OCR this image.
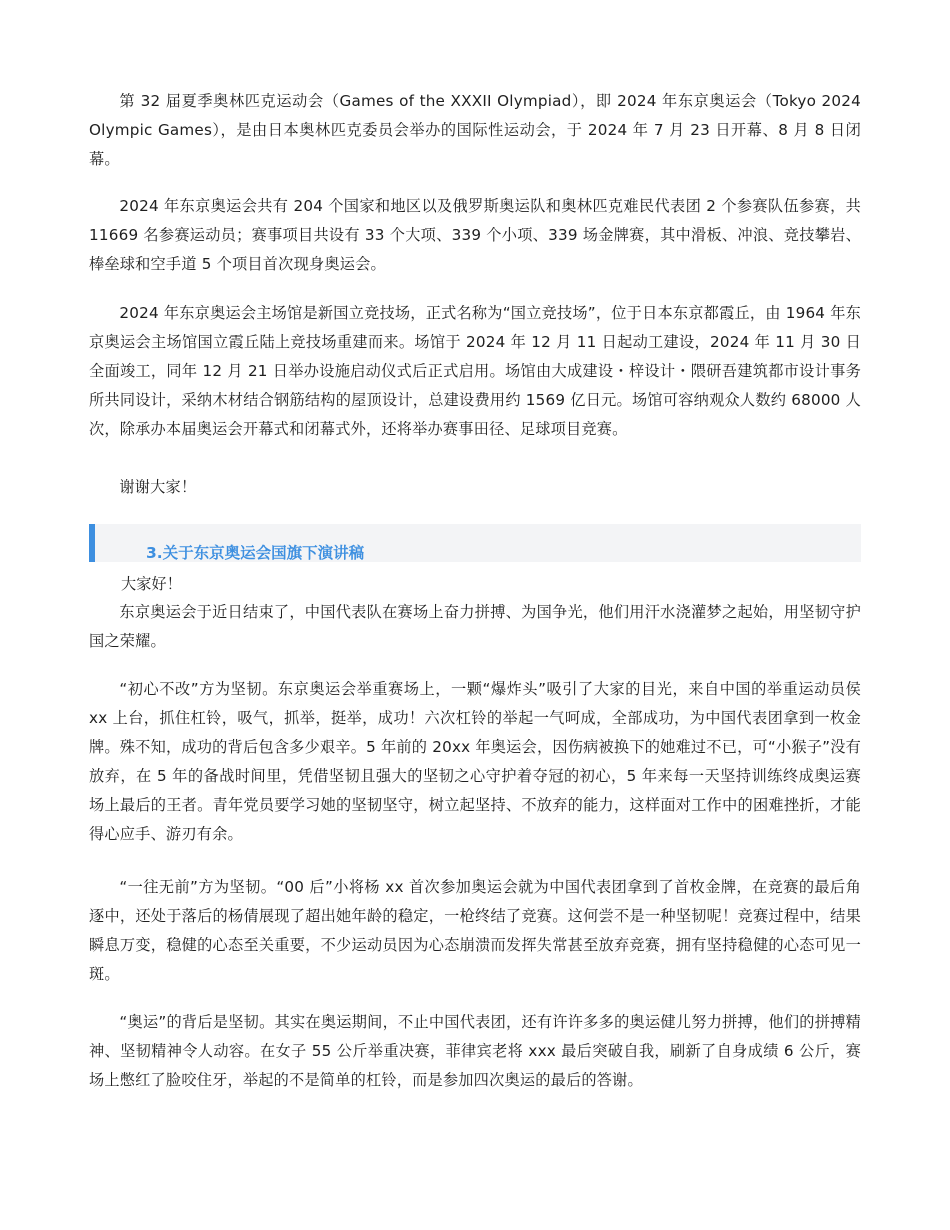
第 32 届夏季奥林匹克运动会（Games of the XXXII Olympiad），即 2024 年东京奥运会（Tokyo 2024 Olympic Games），是由日本奥林匹克委员会举办的国际性运动会，于 2024 年 7 月 23 日开幕、8 月 8 日闭幕。

2024 年东京奥运会共有 204 个国家和地区以及俄罗斯奥运队和奥林匹克难民代表团 2 个参赛队伍参赛，共 11669 名参赛运动员；赛事项目共设有 33 个大项、339 个小项、339 场金牌赛，其中滑板、冲浪、竞技攀岩、棒垒球和空手道 5 个项目首次现身奥运会。

2024 年东京奥运会主场馆是新国立竞技场，正式名称为“国立竞技场”，位于日本东京都霞丘，由 1964 年东京奥运会主场馆国立霞丘陆上竞技场重建而来。场馆于 2024 年 12 月 11 日起动工建设，2024 年 11 月 30 日全面竣工，同年 12 月 21 日举办设施启动仪式后正式启用。场馆由大成建设・梓设计・隈研吾建筑都市设计事务所共同设计，采纳木材结合钢筋结构的屋顶设计，总建设费用约 1569 亿日元。场馆可容纳观众人数约 68000 人次，除承办本届奥运会开幕式和闭幕式外，还将举办赛事田径、足球项目竞赛。

谢谢大家！

3.关于东京奥运会国旗下演讲稿

大家好！

东京奥运会于近日结束了，中国代表队在赛场上奋力拼搏、为国争光，他们用汗水浇灌梦之起始，用坚韧守护国之荣耀。

“初心不改”方为坚韧。东京奥运会举重赛场上，一颗“爆炸头”吸引了大家的目光，来自中国的举重运动员侯 xx 上台，抓住杠铃，吸气，抓举，挺举，成功！六次杠铃的举起一气呵成，全部成功，为中国代表团拿到一枚金牌。殊不知，成功的背后包含多少艰辛。5 年前的 20xx 年奥运会，因伤病被换下的她难过不已，可“小猴子”没有放弃，在 5 年的备战时间里，凭借坚韧且强大的坚韧之心守护着夺冠的初心，5 年来每一天坚持训练终成奥运赛场上最后的王者。青年党员要学习她的坚韧坚守，树立起坚持、不放弃的能力，这样面对工作中的困难挫折，才能得心应手、游刃有余。

“一往无前”方为坚韧。“00 后”小将杨 xx 首次参加奥运会就为中国代表团拿到了首枚金牌，在竞赛的最后角逐中，还处于落后的杨倩展现了超出她年龄的稳定，一枪终结了竞赛。这何尝不是一种坚韧呢！竞赛过程中，结果瞬息万变，稳健的心态至关重要，不少运动员因为心态崩溃而发挥失常甚至放弃竞赛，拥有坚持稳健的心态可见一斑。

“奥运”的背后是坚韧。其实在奥运期间，不止中国代表团，还有许许多多的奥运健儿努力拼搏，他们的拼搏精神、坚韧精神令人动容。在女子 55 公斤举重决赛，菲律宾老将 xxx 最后突破自我，刷新了自身成绩 6 公斤，赛场上憋红了脸咬住牙，举起的不是简单的杠铃，而是参加四次奥运的最后的答谢。
